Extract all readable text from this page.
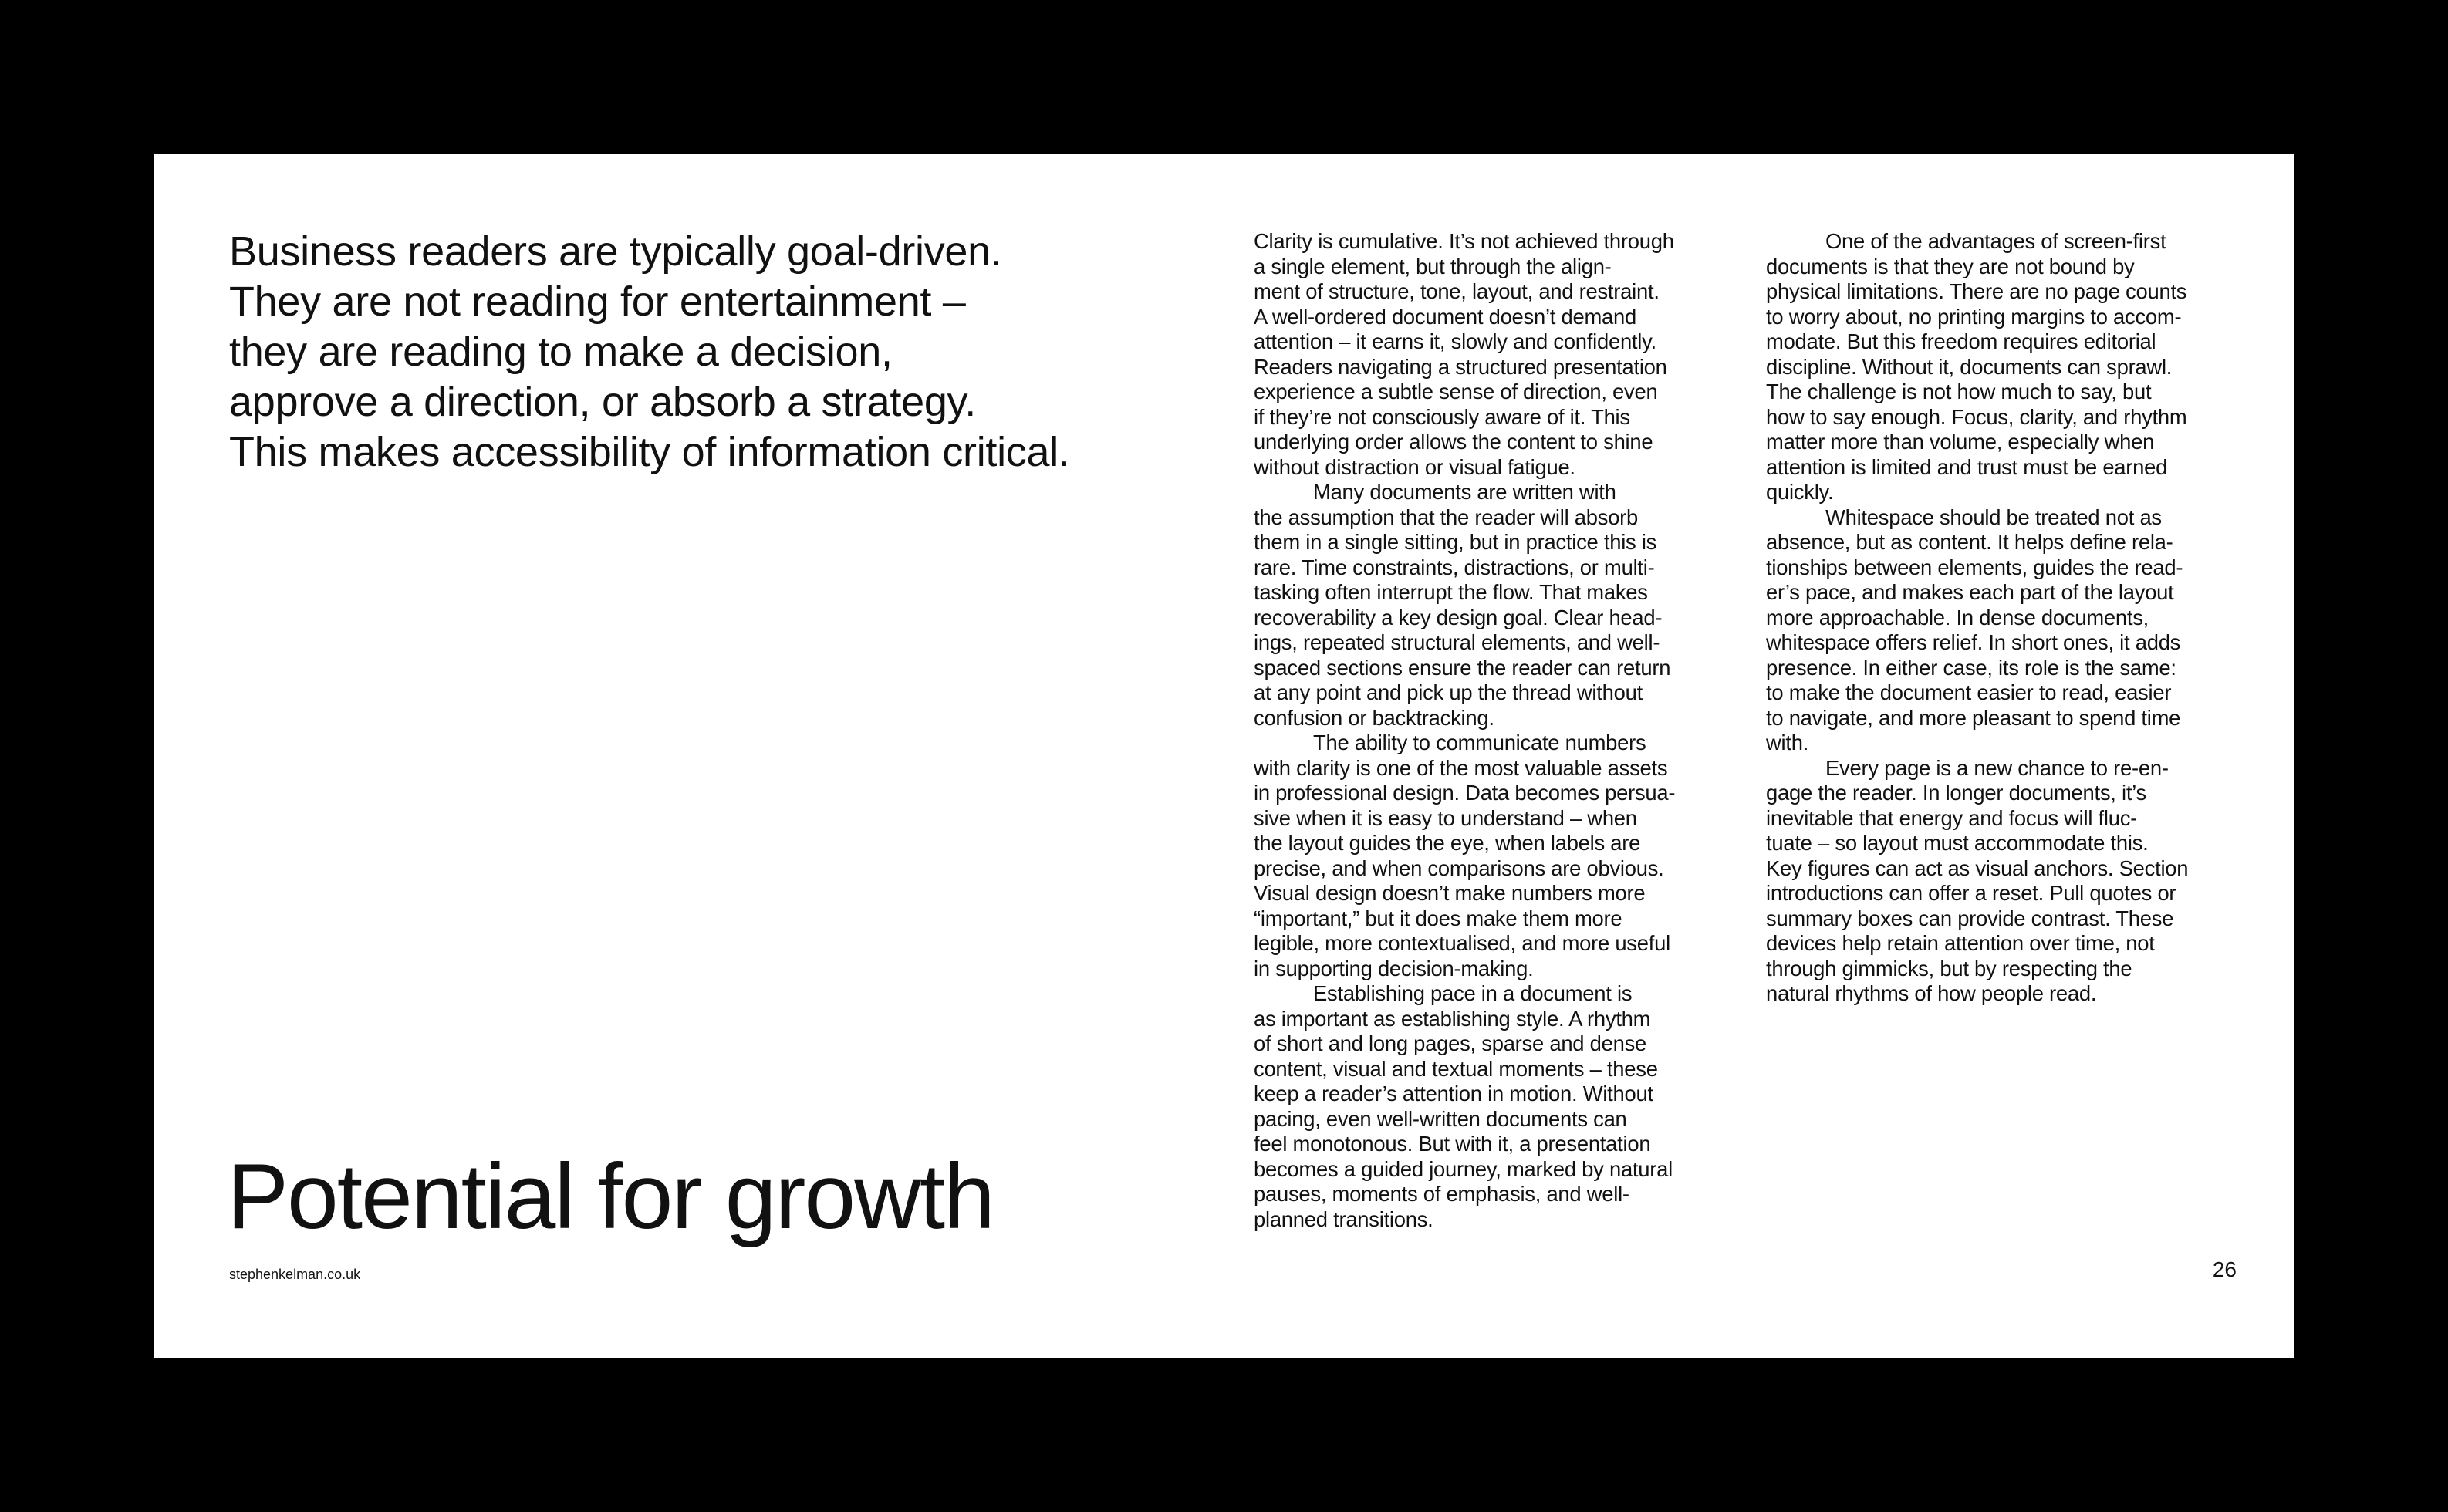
Business readers are typically goal-driven.
They are not reading for entertainment –
they are reading to make a decision,
approve a direction, or absorb a strategy.
This makes accessibility of information critical.
Potential for growth
stephenkelman.co.uk	26
Clarity is cumulative. It’s not achieved through
a single element, but through the align-
ment of structure, tone, layout, and restraint.
A well-ordered document doesn’t demand
attention – it earns it, slowly and confidently.
Readers navigating a structured presentation
experience a subtle sense of direction, even
if they’re not consciously aware of it. This
underlying order allows the content to shine
without distraction or visual fatigue.
Many documents are written with
the assumption that the reader will absorb
them in a single sitting, but in practice this is
rare. Time constraints, distractions, or multi-
tasking often interrupt the flow. That makes
recoverability a key design goal. Clear head-
ings, repeated structural elements, and well-
spaced sections ensure the reader can return
at any point and pick up the thread without
confusion or backtracking.
The ability to communicate numbers
with clarity is one of the most valuable assets
in professional design. Data becomes persua-
sive when it is easy to understand – when
the layout guides the eye, when labels are
precise, and when comparisons are obvious.
Visual design doesn’t make numbers more
“important,” but it does make them more
legible, more contextualised, and more useful
in supporting decision-making.
Establishing pace in a document is
as important as establishing style. A rhythm
of short and long pages, sparse and dense
content, visual and textual moments – these
keep a reader’s attention in motion. Without
pacing, even well-written documents can
feel monotonous. But with it, a presentation
becomes a guided journey, marked by natural
pauses, moments of emphasis, and well-
planned transitions.
One of the advantages of screen-first
documents is that they are not bound by
physical limitations. There are no page counts
to worry about, no printing margins to accom-
modate. But this freedom requires editorial
discipline. Without it, documents can sprawl.
The challenge is not how much to say, but
how to say enough. Focus, clarity, and rhythm
matter more than volume, especially when
attention is limited and trust must be earned
quickly.
Whitespace should be treated not as
absence, but as content. It helps define rela-
tionships between elements, guides the read-
er’s pace, and makes each part of the layout
more approachable. In dense documents,
whitespace offers relief. In short ones, it adds
presence. In either case, its role is the same:
to make the document easier to read, easier
to navigate, and more pleasant to spend time
with.
Every page is a new chance to re-en-
gage the reader. In longer documents, it’s
inevitable that energy and focus will fluc-
tuate – so layout must accommodate this.
Key figures can act as visual anchors. Section
introductions can offer a reset. Pull quotes or
summary boxes can provide contrast. These
devices help retain attention over time, not
through gimmicks, but by respecting the
natural rhythms of how people read.
